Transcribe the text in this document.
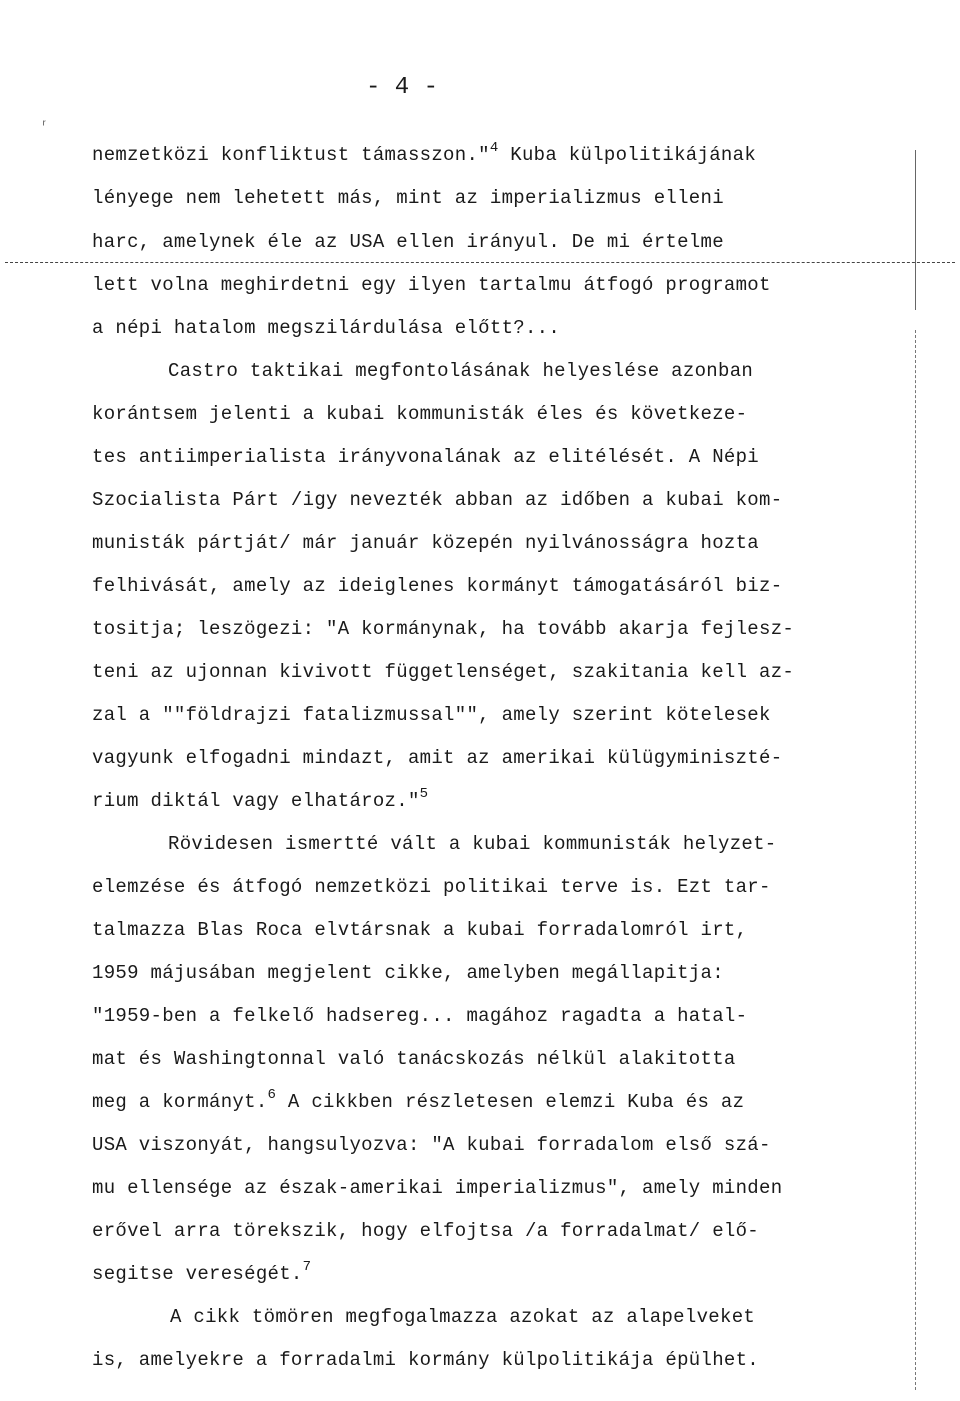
- 4 -
ʳ
nemzetközi konfliktust támasszon."$^4$ Kuba külpolitikájának
lényege nem lehetett más, mint az imperializmus elleni
harc, amelynek éle az USA ellen irányul. De mi értelme
lett volna meghirdetni egy ilyen tartalmu átfogó programot
a népi hatalom megszilárdulása előtt?...
Castro taktikai megfontolásának helyeslése azonban
korántsem jelenti a kubai kommunisták éles és következe-
tes antiimperialista irányvonalának az elitélését. A Népi
Szocialista Párt /igy nevezték abban az időben a kubai kom-
munisták pártját/ már január közepén nyilvánosságra hozta
felhivását, amely az ideiglenes kormányt támogatásáról biz-
tositja; leszögezi: "A kormánynak, ha tovább akarja fejlesz-
teni az ujonnan kivivott függetlenséget, szakitania kell az-
zal a ""földrajzi fatalizmussal"", amely szerint kötelesek
vagyunk elfogadni mindazt, amit az amerikai külügyminiszté-
rium diktál vagy elhatároz."$^5$
Rövidesen ismertté vált a kubai kommunisták helyzet-
elemzése és átfogó nemzetközi politikai terve is. Ezt tar-
talmazza Blas Roca elvtársnak a kubai forradalomról irt,
1959 májusában megjelent cikke, amelyben megállapitja:
"1959-ben a felkelő hadsereg... magához ragadta a hatal-
mat és Washingtonnal való tanácskozás nélkül alakitotta
meg a kormányt.$^6$ A cikkben részletesen elemzi Kuba és az
USA viszonyát, hangsulyozva: "A kubai forradalom első szá-
mu ellensége az észak-amerikai imperializmus", amely minden
erővel arra törekszik, hogy elfojtsa /a forradalmat/ elő-
segitse vereségét.$^7$
A cikk tömören megfogalmazza azokat az alapelveket
is, amelyekre a forradalmi kormány külpolitikája épülhet.
